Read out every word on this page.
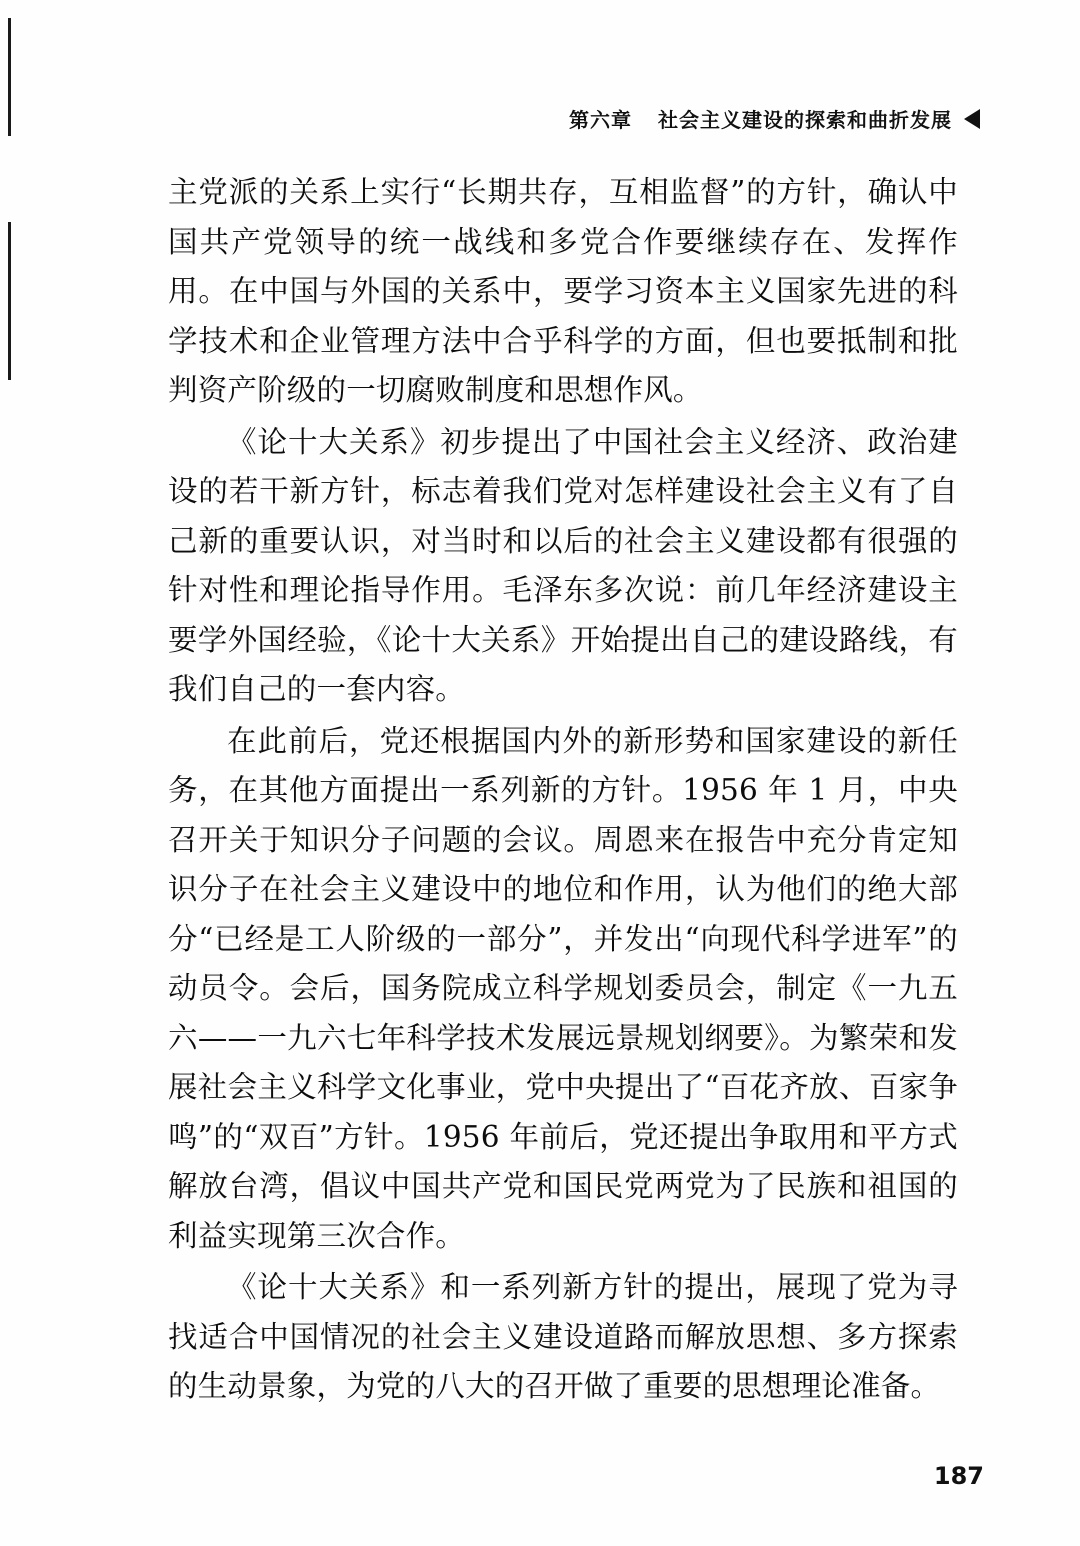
第六章 社会主义建设的探索和曲折发展

主党派的关系上实行“长期共存，互相监督”的方针，确认中国共产党领导的统一战线和多党合作要继续存在、发挥作用。在中国与外国的关系中，要学习资本主义国家先进的科学技术和企业管理方法中合乎科学的方面，但也要抵制和批判资产阶级的一切腐败制度和思想作风。

《论十大关系》初步提出了中国社会主义经济、政治建设的若干新方针，标志着我们党对怎样建设社会主义有了自己新的重要认识，对当时和以后的社会主义建设都有很强的针对性和理论指导作用。毛泽东多次说：前几年经济建设主要学外国经验，《论十大关系》开始提出自己的建设路线，有我们自己的一套内容。

在此前后，党还根据国内外的新形势和国家建设的新任务，在其他方面提出一系列新的方针。1956 年 1 月，中央召开关于知识分子问题的会议。周恩来在报告中充分肯定知识分子在社会主义建设中的地位和作用，认为他们的绝大部分“已经是工人阶级的一部分”，并发出“向现代科学进军”的动员令。会后，国务院成立科学规划委员会，制定《一九五六——一九六七年科学技术发展远景规划纲要》。为繁荣和发展社会主义科学文化事业，党中央提出了“百花齐放、百家争鸣”的“双百”方针。1956 年前后，党还提出争取用和平方式解放台湾，倡议中国共产党和国民党两党为了民族和祖国的利益实现第三次合作。

《论十大关系》和一系列新方针的提出，展现了党为寻找适合中国情况的社会主义建设道路而解放思想、多方探索的生动景象，为党的八大的召开做了重要的思想理论准备。

187
